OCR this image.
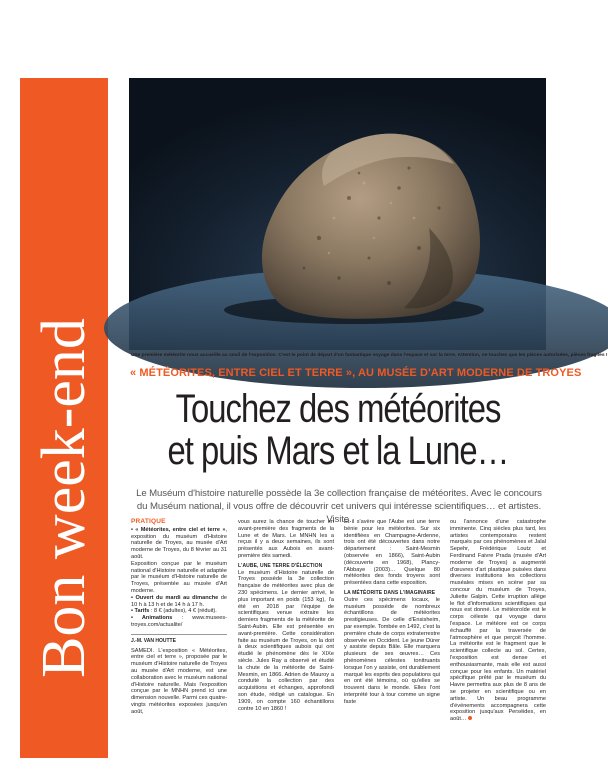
Bon week-end	Une première météorite nous accueille au seuil de l'exposition. C'est le point de départ d'un fantastique voyage dans l'espace et sur la terre. Attention, ne touchez que les pièces autorisées, pièces fragiles !
« MÉTÉORITES, ENTRE CIEL ET TERRE », AU MUSÉE D'ART MODERNE DE TROYES
Touchez des météorites
et puis Mars et la Lune…
Le Muséum d'histoire naturelle possède la 3e collection française de météorites. Avec le concours du Muséum national, il vous offre de découvrir cet univers qui intéresse scientifiques… et artistes. Visite.
PRATIQUE

• « Météorites, entre ciel et terre », exposition du muséum d'Histoire naturelle de Troyes, au musée d'Art moderne de Troyes, du 8 février au 31 août.

Exposition conçue par le muséum national d'Histoire naturelle et adaptée par le muséum d'Histoire naturelle de Troyes, présentée au musée d'Art moderne.

• Ouvert du mardi au dimanche de 10 h à 13 h et de 14 h à 17 h.

• Tarifs : 8 € (adultes), 4 € (réduit).

• Animations : www.musees-troyes.com/actualite/

J.-M. VAN HOUTTE

SAMEDI. L'exposition « Météorites, entre ciel et terre », proposée par le muséum d'Histoire naturelle de Troyes au musée d'Art moderne, est une collaboration avec le muséum national d'Histoire naturelle. Mais l'exposition conçue par le MNHN prend ici une dimension nouvelle. Parmi ces quatre-vingts météorites exposées jusqu'en août,

vous aurez la chance de toucher en avant-première des fragments de la Lune et de Mars. Le MNHN les a reçus il y a deux semaines, ils sont présentés aux Aubois en avant-première dès samedi.

L'AUBE, UNE TERRE D'ÉLECTION

Le muséum d'Histoire naturelle de Troyes possède la 3e collection française de météorites avec plus de 230 spécimens. Le dernier arrivé, le plus important en poids (153 kg), l'a été en 2018 par l'équipe de scientifiques venue extraire les derniers fragments de la météorite de Saint-Aubin. Elle est présentée en avant-première. Cette considération faite au muséum de Troyes, on la doit à deux scientifiques aubois qui ont étudié le phénomène dès le XIXe siècle. Jules Ray a observé et étudié la chute de la météorite de Saint-Mesmin, en 1866. Adrien de Mauroy a conduité la collection par des acquisitions et échanges, approfondi son étude, rédigé un catalogue. En 1909, on compte 160 échantillons contre 10 en 1860 !

Et il s'avère que l'Aube est une terre bénie pour les météorites. Sur six identifiées en Champagne-Ardenne, trois ont été découvertes dans notre département : Saint-Mesmin (observée en 1866), Saint-Aubin (découverte en 1968), Plancy-l'Abbaye (2003)… Quelque 80 météorites des fonds troyens sont présentées dans cette exposition.

LA MÉTÉORITE DANS L'IMAGINAIRE

Outre ces spécimens locaux, le muséum possède de nombreux échantillons de météorites prestigieuses. De celle d'Ensisheim, par exemple. Tombée en 1492, c'est la première chute de corps extraterrestre observée en Occident. Le jeune Dürer y assiste depuis Bâle. Elle marquera plusieurs de ses œuvres… Ces phénomènes célestes tonitruants lorsque l'on y assiste, ont durablement marqué les esprits des populations qui en ont été témoins, où qu'elles se trouvent dans le monde. Elles l'ont interprété tour à tour comme un signe faste

ou l'annonce d'une catastrophe imminente. Cinq siècles plus tard, les artistes contemporains restent marqués par ces phénomènes et Jalal Sepehr, Frédérique Loutz et Ferdinand Faivre Prada (musée d'Art moderne de Troyes) a augmenté d'œuvres d'art plastique puisées dans diverses institutions les collections muséales mises en scène par sa concour du muséum de Troyes, Juliette Galpin. Cette irruption allège le flot d'informations scientifiques qui nous est donné. Le météoroïde est le corps céleste qui voyage dans l'espace. Le météore est ce corps échauffé par la traversée de l'atmosphère et que perçoit l'homme. La météorite est le fragment que le scientifique collecte au sol. Certes, l'exposition est dense et enthousiasmante, mais elle est aussi conçue pour les enfants. Un matériel spécifique prêté par le muséum du Havre permettra aux plus de 8 ans de se projeter en scientifique ou en artiste. Un beau programme d'événements accompagnera cette exposition jusqu'aux Perséides, en août…
